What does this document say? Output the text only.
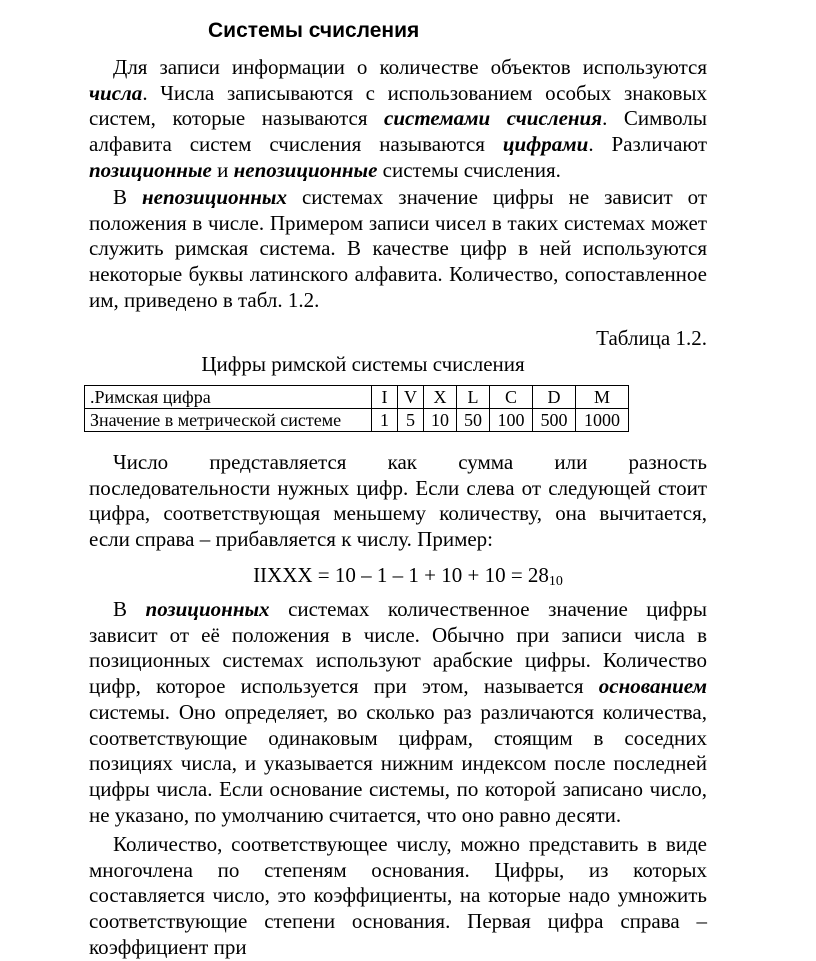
Системы счисления
Для записи информации о количестве объектов используются числа. Числа записываются с использованием особых знаковых систем, которые называются системами счисления. Символы алфавита систем счисления называются цифрами. Различают позиционные и непозиционные системы счисления.
В непозиционных системах значение цифры не зависит от положения в числе. Примером записи чисел в таких системах может служить римская система. В качестве цифр в ней используются некоторые буквы латинского алфавита. Количество, сопоставленное им, приведено в табл. 1.2.
Таблица 1.2.
Цифры римской системы счисления
.Римская цифра	I	V	X	L	C	D	M
Значение в метрической системе	1	5	10	50	100	500	1000
Число представляется как сумма или разность последовательности нужных цифр. Если слева от следующей стоит цифра, соответствующая меньшему количеству, она вычитается, если справа – прибавляется к числу. Пример:
IIXXX = $10 - 1 - 1 + 10 + 10 = 28_{10}$
В позиционных системах количественное значение цифры зависит от её положения в числе. Обычно при записи числа в позиционных системах используют арабские цифры. Количество цифр, которое используется при этом, называется основанием системы. Оно определяет, во сколько раз различаются количества, соответствующие одинаковым цифрам, стоящим в соседних позициях числа, и указывается нижним индексом после последней цифры числа. Если основание системы, по которой записано число, не указано, по умолчанию считается, что оно равно десяти.
Количество, соответствующее числу, можно представить в виде многочлена по степеням основания. Цифры, из которых составляется число, это коэффициенты, на которые надо умножить соответствующие степени основания. Первая цифра справа – коэффициент при
